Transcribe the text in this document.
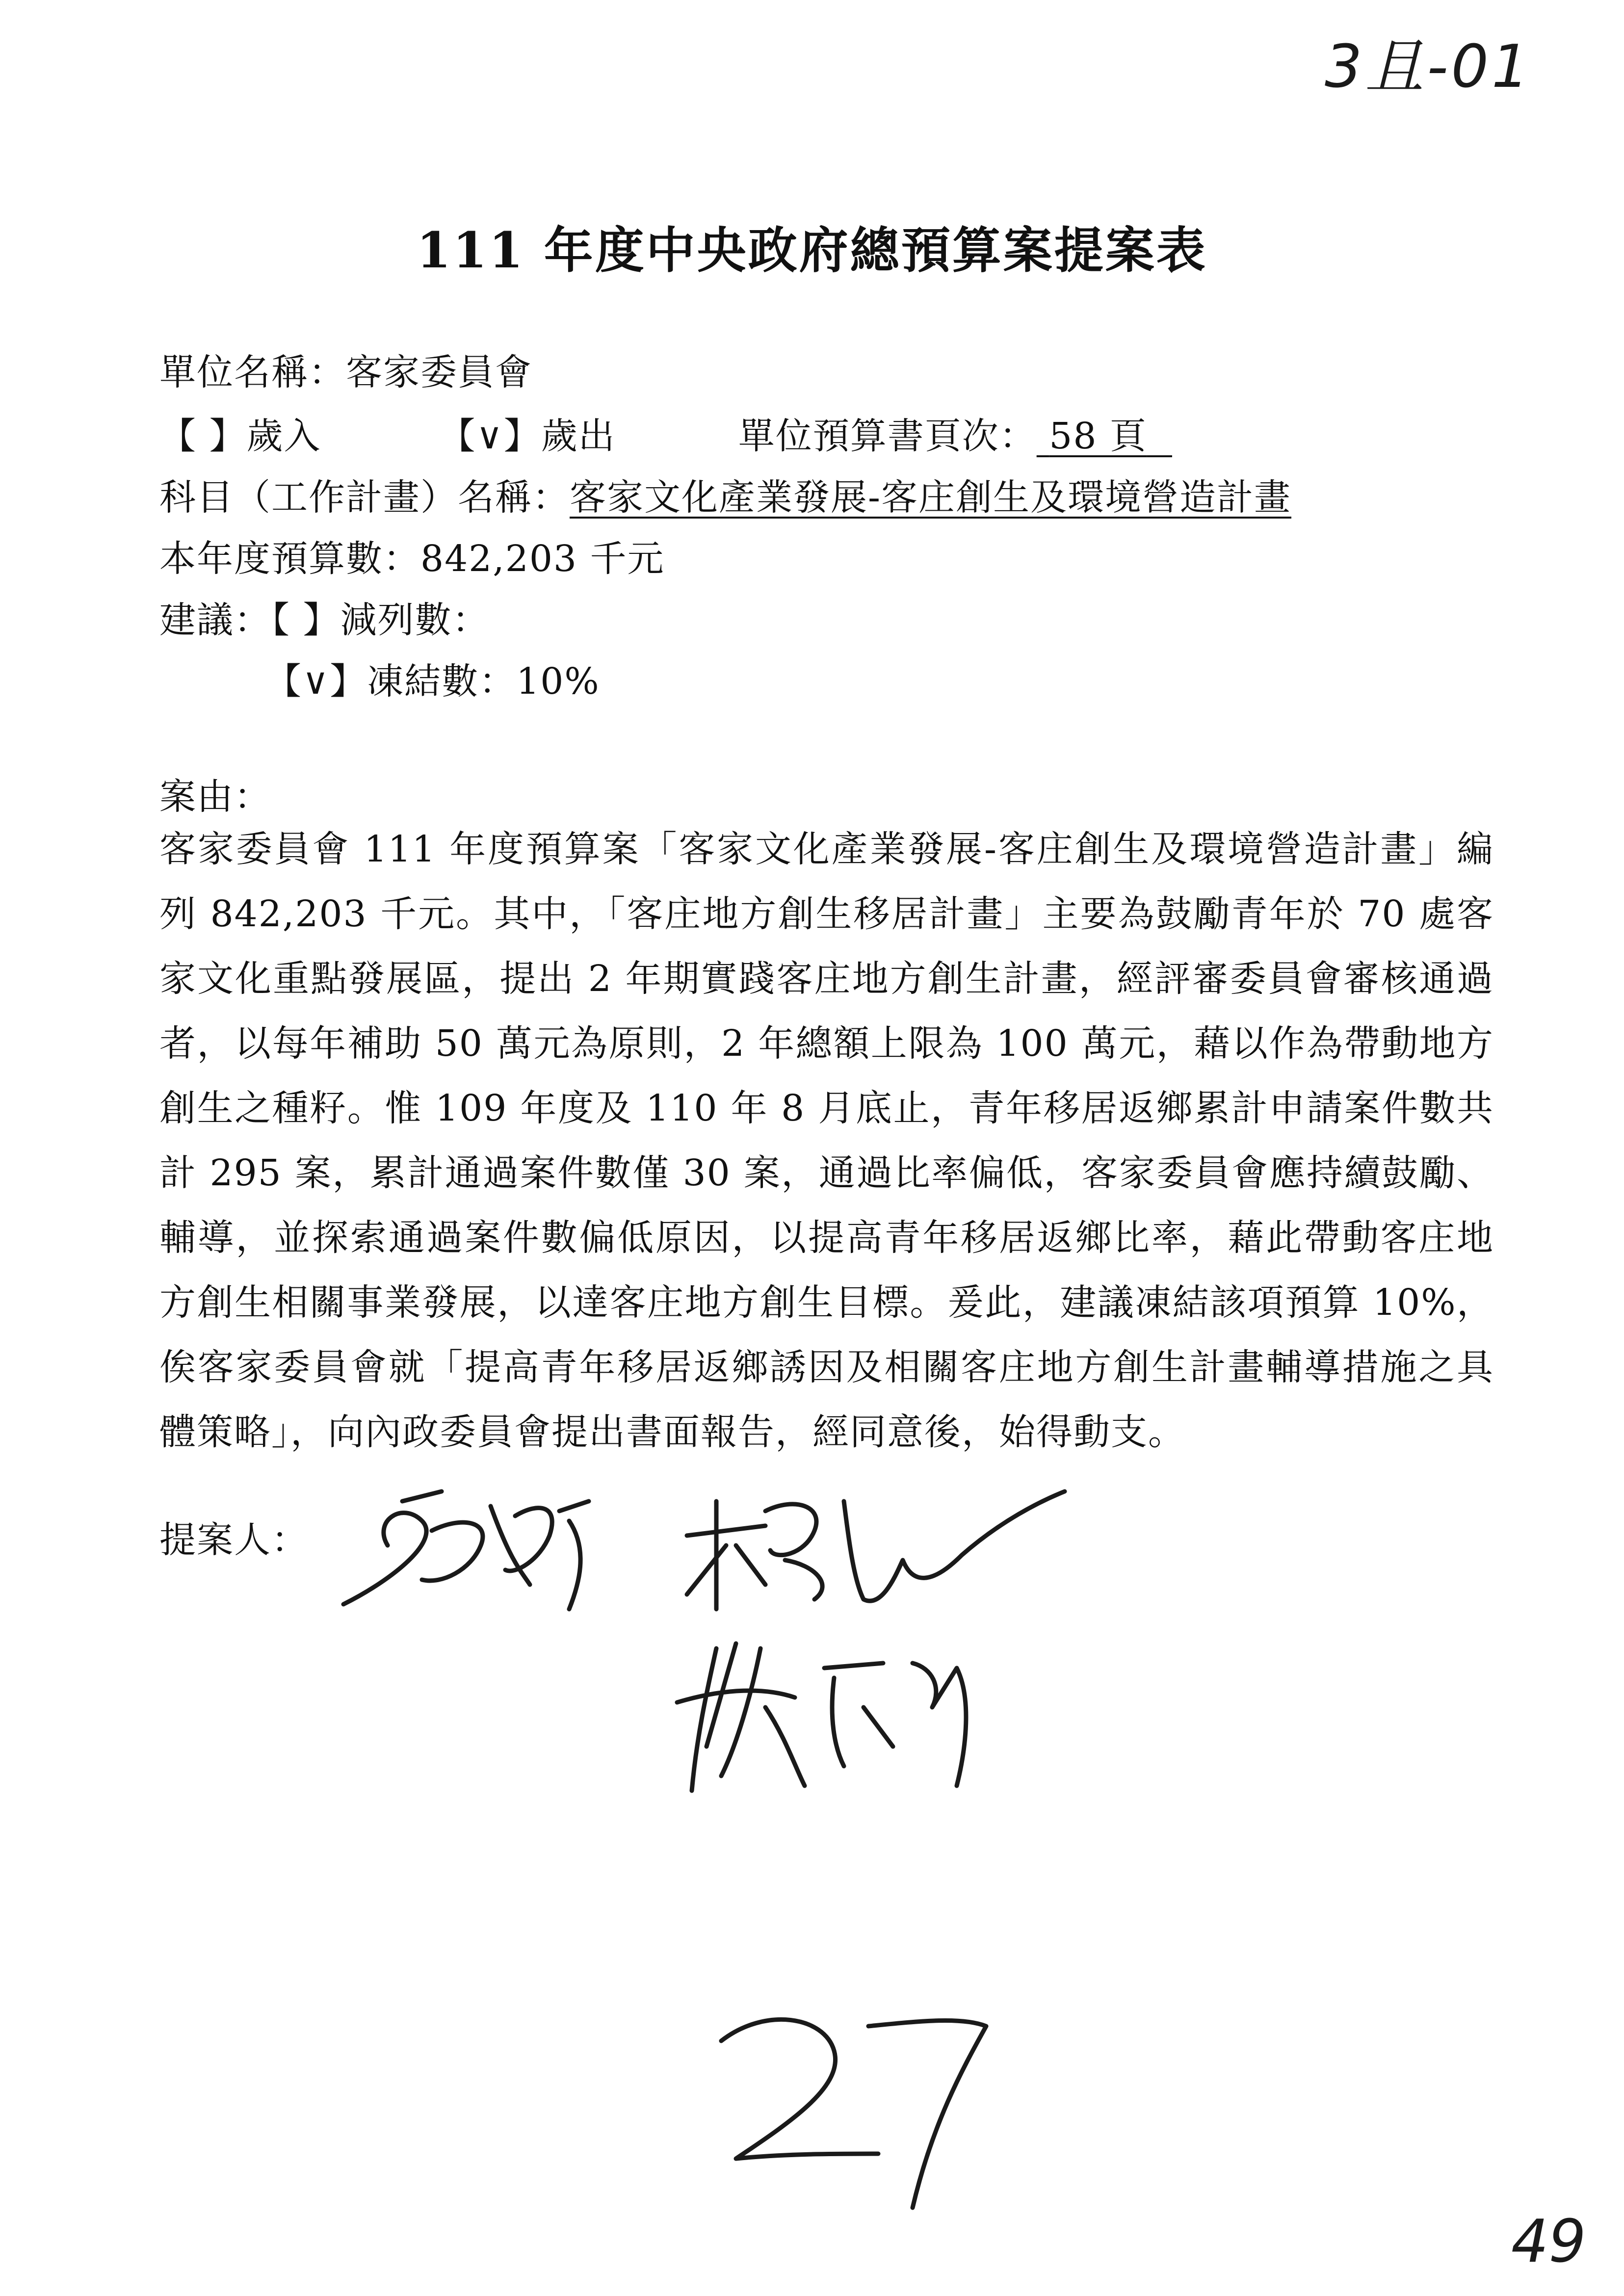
3且-01
111 年度中央政府總預算案提案表
單位名稱：客家委員會
【 】歲入	【∨】歲出	單位預算書頁次： 58 頁
科目（工作計畫）名稱：客家文化產業發展-客庄創生及環境營造計畫
本年度預算數：842,203 千元
建議：【 】減列數：
【∨】凍結數：10%
案由：
客家委員會 111 年度預算案「客家文化產業發展-客庄創生及環境營造計畫」編列 842,203 千元。其中，「客庄地方創生移居計畫」主要為鼓勵青年於 70 處客家文化重點發展區，提出 2 年期實踐客庄地方創生計畫，經評審委員會審核通過者，以每年補助 50 萬元為原則，2 年總額上限為 100 萬元，藉以作為帶動地方創生之種籽。惟 109 年度及 110 年 8 月底止，青年移居返鄉累計申請案件數共計 295 案，累計通過案件數僅 30 案，通過比率偏低，客家委員會應持續鼓勵、輔導，並探索通過案件數偏低原因，以提高青年移居返鄉比率，藉此帶動客庄地方創生相關事業發展，以達客庄地方創生目標。爰此，建議凍結該項預算 10%，俟客家委員會就「提高青年移居返鄉誘因及相關客庄地方創生計畫輔導措施之具體策略」，向內政委員會提出書面報告，經同意後，始得動支。
提案人：
27
49
